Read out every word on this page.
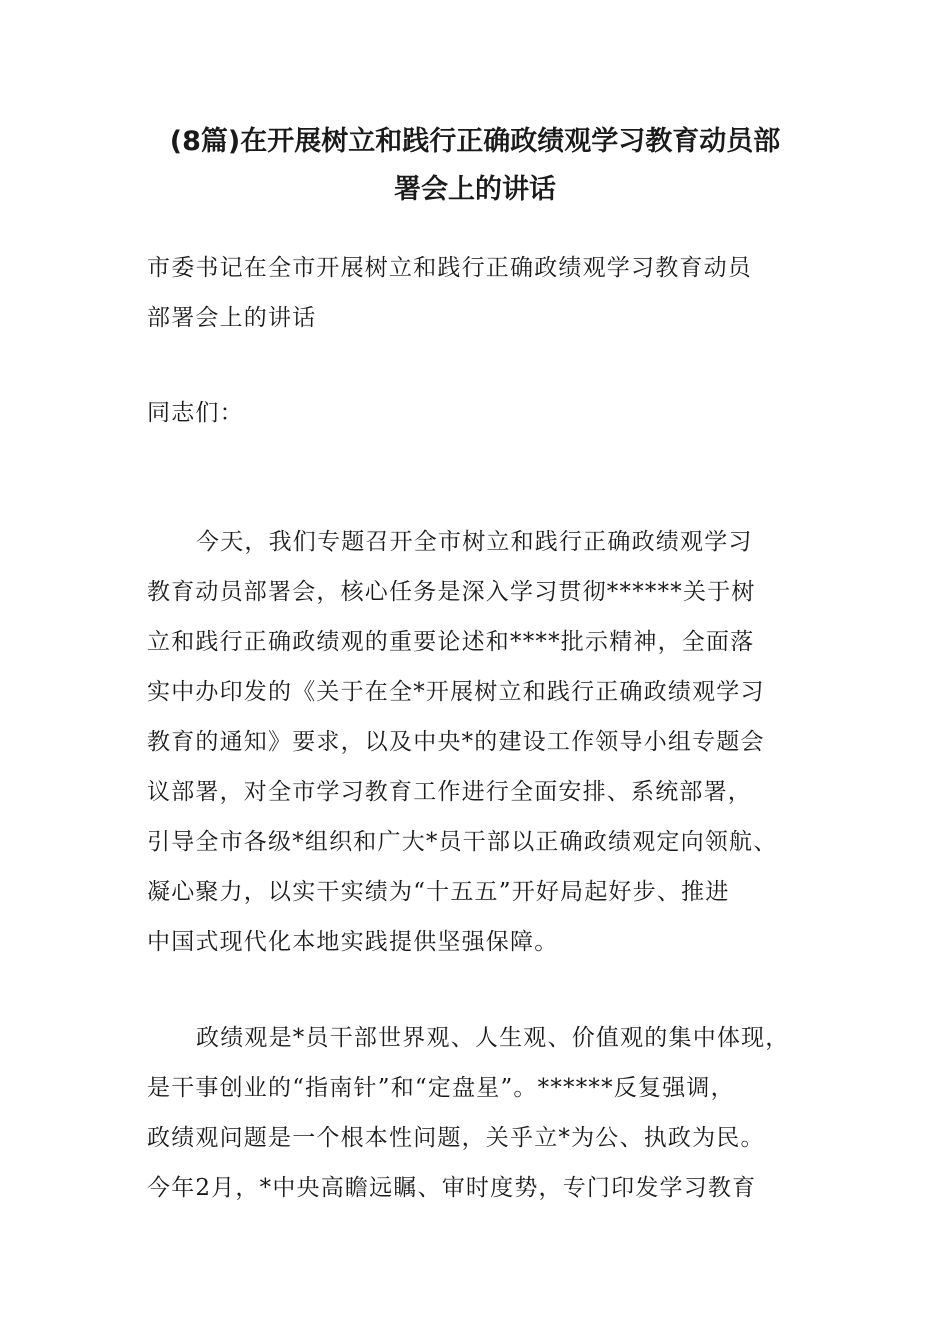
(8篇)在开展树立和践行正确政绩观学习教育动员部
署会上的讲话
市委书记在全市开展树立和践行正确政绩观学习教育动员
部署会上的讲话
同志们：
今天，我们专题召开全市树立和践行正确政绩观学习
教育动员部署会，核心任务是深入学习贯彻******关于树
立和践行正确政绩观的重要论述和****批示精神，全面落
实中办印发的《关于在全*开展树立和践行正确政绩观学习
教育的通知》要求，以及中央*的建设工作领导小组专题会
议部署，对全市学习教育工作进行全面安排、系统部署，
引导全市各级*组织和广大*员干部以正确政绩观定向领航、
凝心聚力，以实干实绩为“十五五”开好局起好步、推进
中国式现代化本地实践提供坚强保障。
政绩观是*员干部世界观、人生观、价值观的集中体现，
是干事创业的“指南针”和“定盘星”。******反复强调，
政绩观问题是一个根本性问题，关乎立*为公、执政为民。
今年2月，*中央高瞻远瞩、审时度势，专门印发学习教育
